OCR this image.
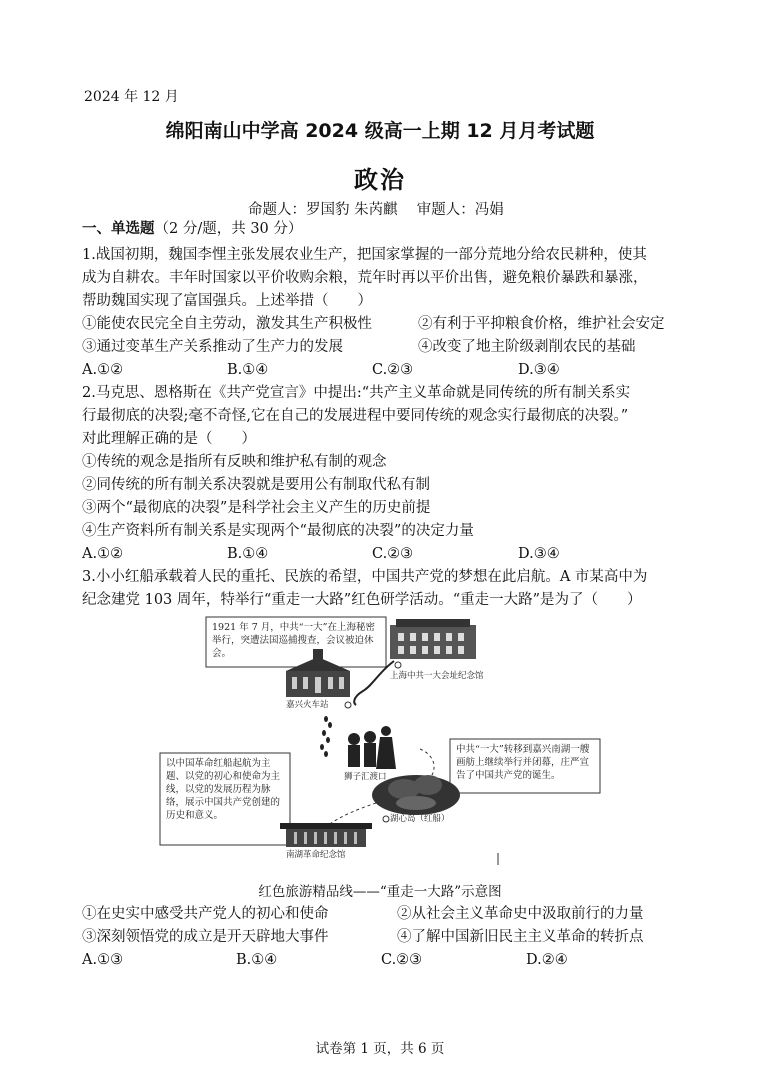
2024 年 12 月
绵阳南山中学高 2024 级高一上期 12 月月考试题
政治
命题人：罗国豹 朱芮麒　 审题人：冯娟
一、单选题（2 分/题，共 30 分）
1.战国初期，魏国李悝主张发展农业生产，把国家掌握的一部分荒地分给农民耕种，使其
成为自耕农。丰年时国家以平价收购余粮，荒年时再以平价出售，避免粮价暴跌和暴涨，
帮助魏国实现了富国强兵。上述举措（　　）
①能使农民完全自主劳动，激发其生产积极性	②有利于平抑粮食价格，维护社会安定
③通过变革生产关系推动了生产力的发展	④改变了地主阶级剥削农民的基础
A.①②	B.①④	C.②③	D.③④
2.马克思、恩格斯在《共产党宣言》中提出:“共产主义革命就是同传统的所有制关系实
行最彻底的决裂;毫不奇怪,它在自己的发展进程中要同传统的观念实行最彻底的决裂。”
对此理解正确的是（　　）
①传统的观念是指所有反映和维护私有制的观念
②同传统的所有制关系决裂就是要用公有制取代私有制
③两个“最彻底的决裂”是科学社会主义产生的历史前提
④生产资料所有制关系是实现两个“最彻底的决裂”的决定力量
A.①②	B.①④	C.②③	D.③④
3.小小红船承载着人民的重托、民族的希望，中国共产党的梦想在此启航。A 市某高中为
纪念建党 103 周年，特举行“重走一大路”红色研学活动。“重走一大路”是为了（　　）
1921 年 7 月，中共“一大”在上海秘密举行，突遭法国巡捕搜查，会议被迫休会。
上海中共一大会址纪念馆
嘉兴火车站
狮子汇渡口
中共“一大”转移到嘉兴南湖一艘画舫上继续举行并闭幕，庄严宣告了中国共产党的诞生。
以中国革命红船起航为主题、以党的初心和使命为主线，以党的发展历程为脉络，展示中国共产党创建的历史和意义。	湖心岛（红船）
南湖革命纪念馆
红色旅游精品线——“重走一大路”示意图
①在史实中感受共产党人的初心和使命	②从社会主义革命史中汲取前行的力量
③深刻领悟党的成立是开天辟地大事件	④了解中国新旧民主主义革命的转折点
A.①③	B.①④	C.②③	D.②④
试卷第 1 页，共 6 页
